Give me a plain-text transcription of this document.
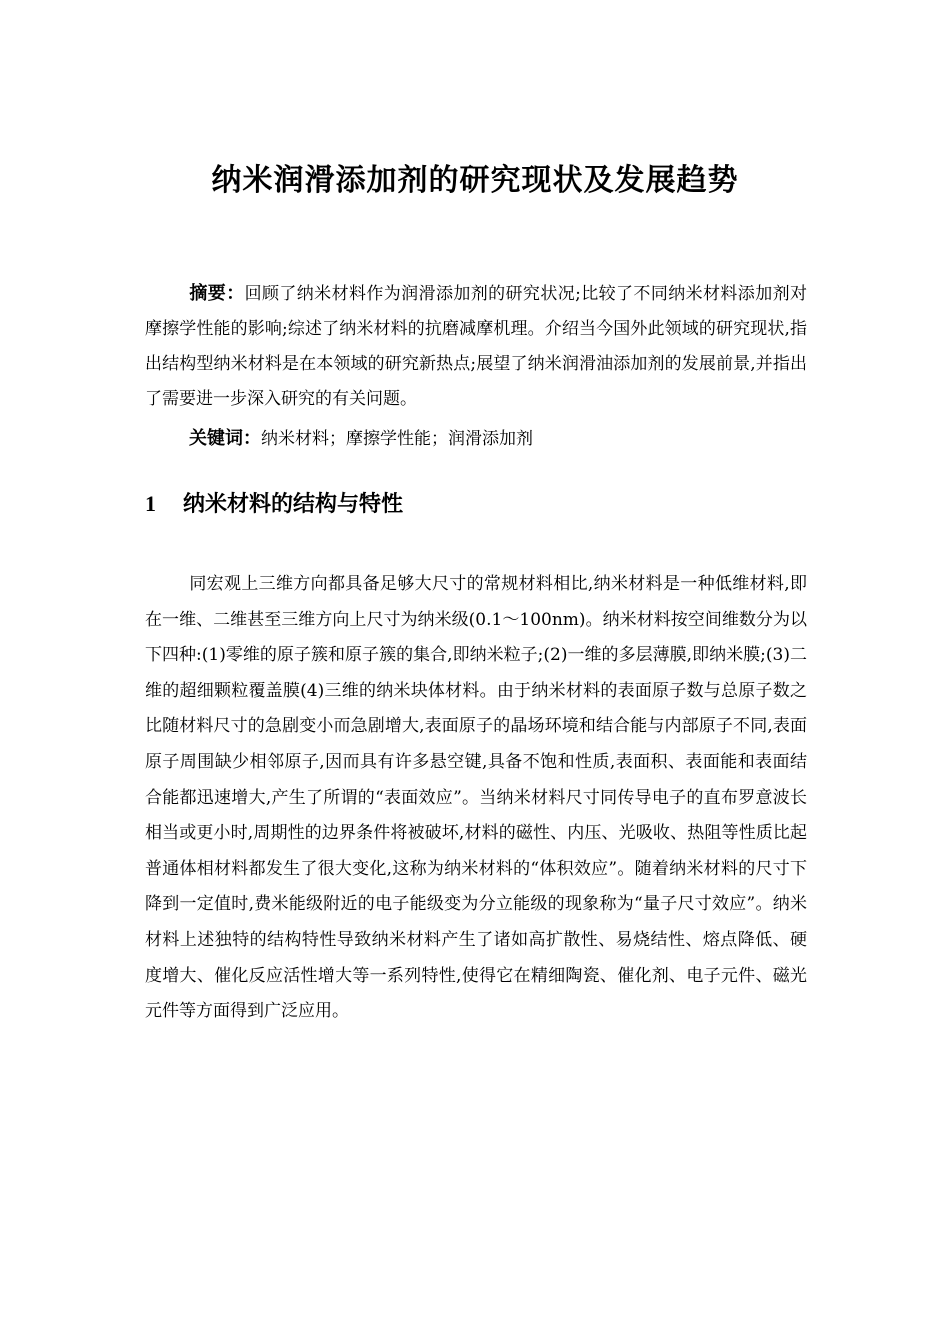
纳米润滑添加剂的研究现状及发展趋势

摘要：回顾了纳米材料作为润滑添加剂的研究状况;比较了不同纳米材料添加剂对摩擦学性能的影响;综述了纳米材料的抗磨减摩机理。介绍当今国外此领域的研究现状,指出结构型纳米材料是在本领域的研究新热点;展望了纳米润滑油添加剂的发展前景,并指出了需要进一步深入研究的有关问题。

关键词：纳米材料；摩擦学性能；润滑添加剂

1 纳米材料的结构与特性

同宏观上三维方向都具备足够大尺寸的常规材料相比,纳米材料是一种低维材料,即在一维、二维甚至三维方向上尺寸为纳米级(0.1～100nm)。纳米材料按空间维数分为以下四种:(1)零维的原子簇和原子簇的集合,即纳米粒子;(2)一维的多层薄膜,即纳米膜;(3)二维的超细颗粒覆盖膜(4)三维的纳米块体材料。由于纳米材料的表面原子数与总原子数之比随材料尺寸的急剧变小而急剧增大,表面原子的晶场环境和结合能与内部原子不同,表面原子周围缺少相邻原子,因而具有许多悬空键,具备不饱和性质,表面积、表面能和表面结合能都迅速增大,产生了所谓的“表面效应”。当纳米材料尺寸同传导电子的直布罗意波长相当或更小时,周期性的边界条件将被破坏,材料的磁性、内压、光吸收、热阻等性质比起普通体相材料都发生了很大变化,这称为纳米材料的“体积效应”。随着纳米材料的尺寸下降到一定值时,费米能级附近的电子能级变为分立能级的现象称为“量子尺寸效应”。纳米材料上述独特的结构特性导致纳米材料产生了诸如高扩散性、易烧结性、熔点降低、硬度增大、催化反应活性增大等一系列特性,使得它在精细陶瓷、催化剂、电子元件、磁光元件等方面得到广泛应用。
